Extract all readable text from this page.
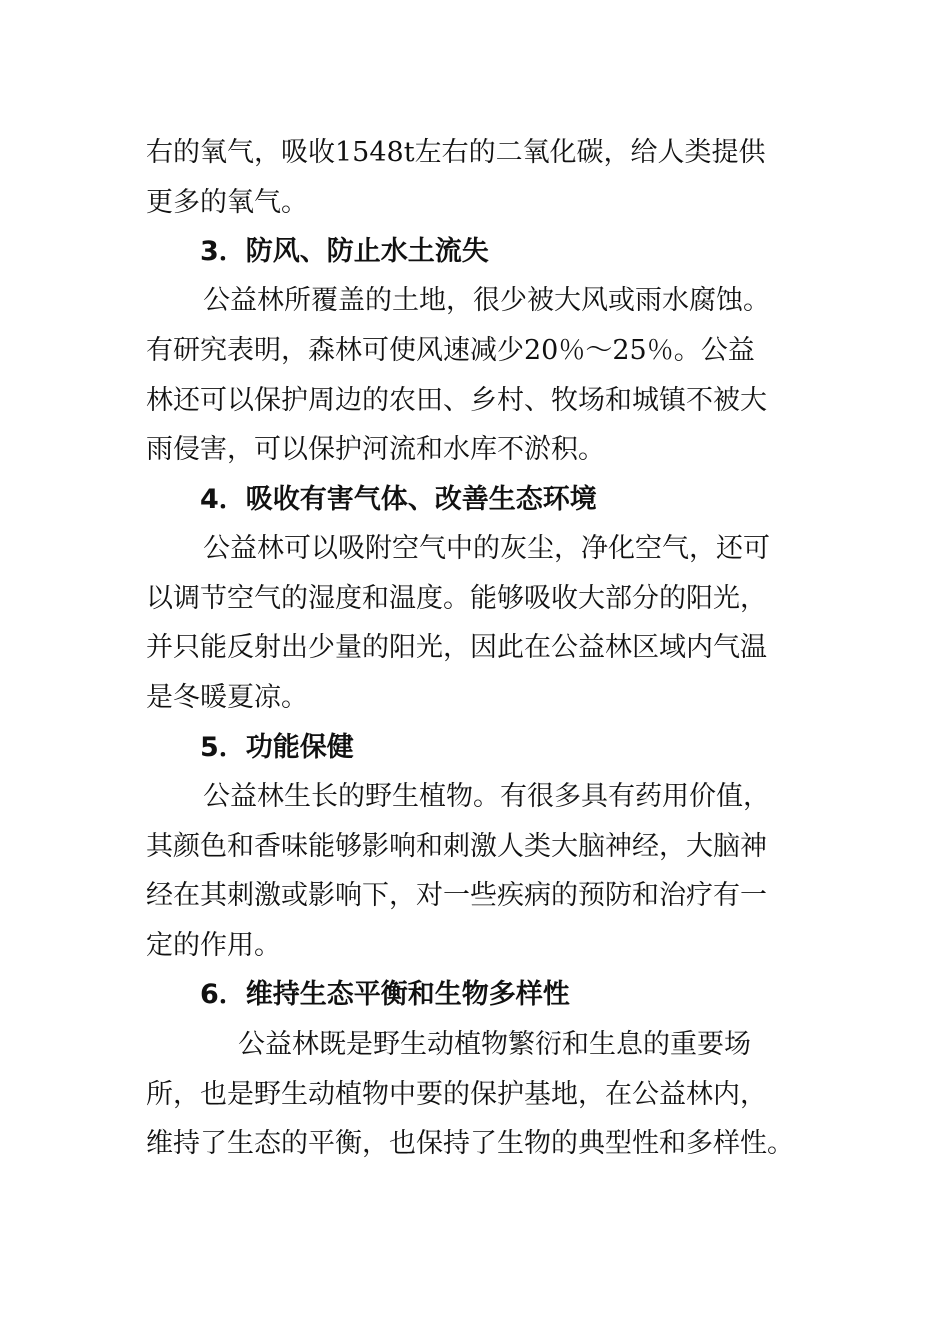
右的氧气，吸收1548t左右的二氧化碳，给人类提供

更多的氧气。

3．防风、防止水土流失

公益林所覆盖的土地，很少被大风或雨水腐蚀。

有研究表明，森林可使风速减少20％～25％。公益

林还可以保护周边的农田、乡村、牧场和城镇不被大

雨侵害，可以保护河流和水库不淤积。

4．吸收有害气体、改善生态环境

公益林可以吸附空气中的灰尘，净化空气，还可

以调节空气的湿度和温度。能够吸收大部分的阳光，

并只能反射出少量的阳光，因此在公益林区域内气温

是冬暖夏凉。

5．功能保健

公益林生长的野生植物。有很多具有药用价值，

其颜色和香味能够影响和刺激人类大脑神经，大脑神

经在其刺激或影响下，对一些疾病的预防和治疗有一

定的作用。

6．维持生态平衡和生物多样性

公益林既是野生动植物繁衍和生息的重要场

所，也是野生动植物中要的保护基地，在公益林内，

维持了生态的平衡，也保持了生物的典型性和多样性。
